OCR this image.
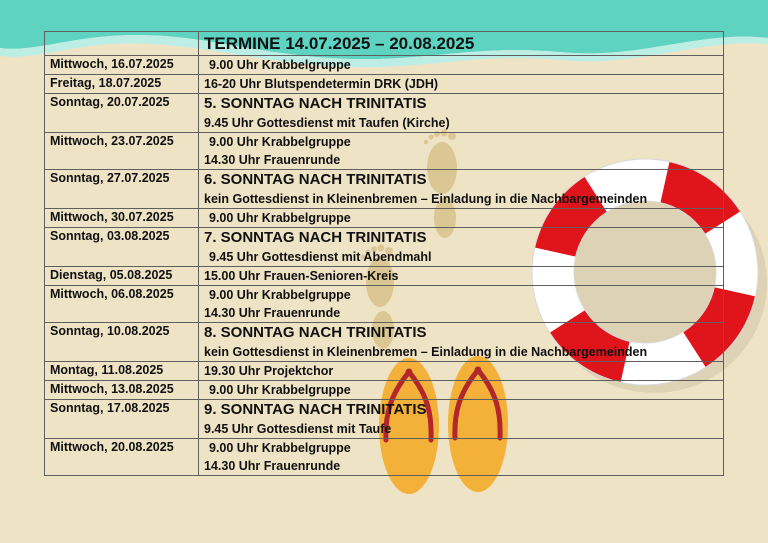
	TERMINE 14.07.2025 – 20.08.2025
Mittwoch, 16.07.2025	9.00 Uhr Krabbelgruppe

Freitag, 18.07.2025	16-20 Uhr Blutspendetermin DRK (JDH)

Sonntag, 20.07.2025	5. SONNTAG NACH TRINITATIS
9.45 Uhr Gottesdienst mit Taufen (Kirche)

Mittwoch, 23.07.2025	9.00 Uhr Krabbelgruppe
14.30 Uhr Frauenrunde

Sonntag, 27.07.2025	6. SONNTAG NACH TRINITATIS
kein Gottesdienst in Kleinenbremen – Einladung in die Nachbargemeinden

Mittwoch, 30.07.2025	9.00 Uhr Krabbelgruppe

Sonntag, 03.08.2025	7. SONNTAG NACH TRINITATIS
9.45 Uhr Gottesdienst mit Abendmahl

Dienstag, 05.08.2025	15.00 Uhr Frauen-Senioren-Kreis

Mittwoch, 06.08.2025	9.00 Uhr Krabbelgruppe
14.30 Uhr Frauenrunde

Sonntag, 10.08.2025	8. SONNTAG NACH TRINITATIS
kein Gottesdienst in Kleinenbremen – Einladung in die Nachbargemeinden

Montag, 11.08.2025	19.30 Uhr Projektchor

Mittwoch, 13.08.2025	9.00 Uhr Krabbelgruppe

Sonntag, 17.08.2025	9. SONNTAG NACH TRINITATIS
9.45 Uhr Gottesdienst mit Taufe

Mittwoch, 20.08.2025	9.00 Uhr Krabbelgruppe
14.30 Uhr Frauenrunde
